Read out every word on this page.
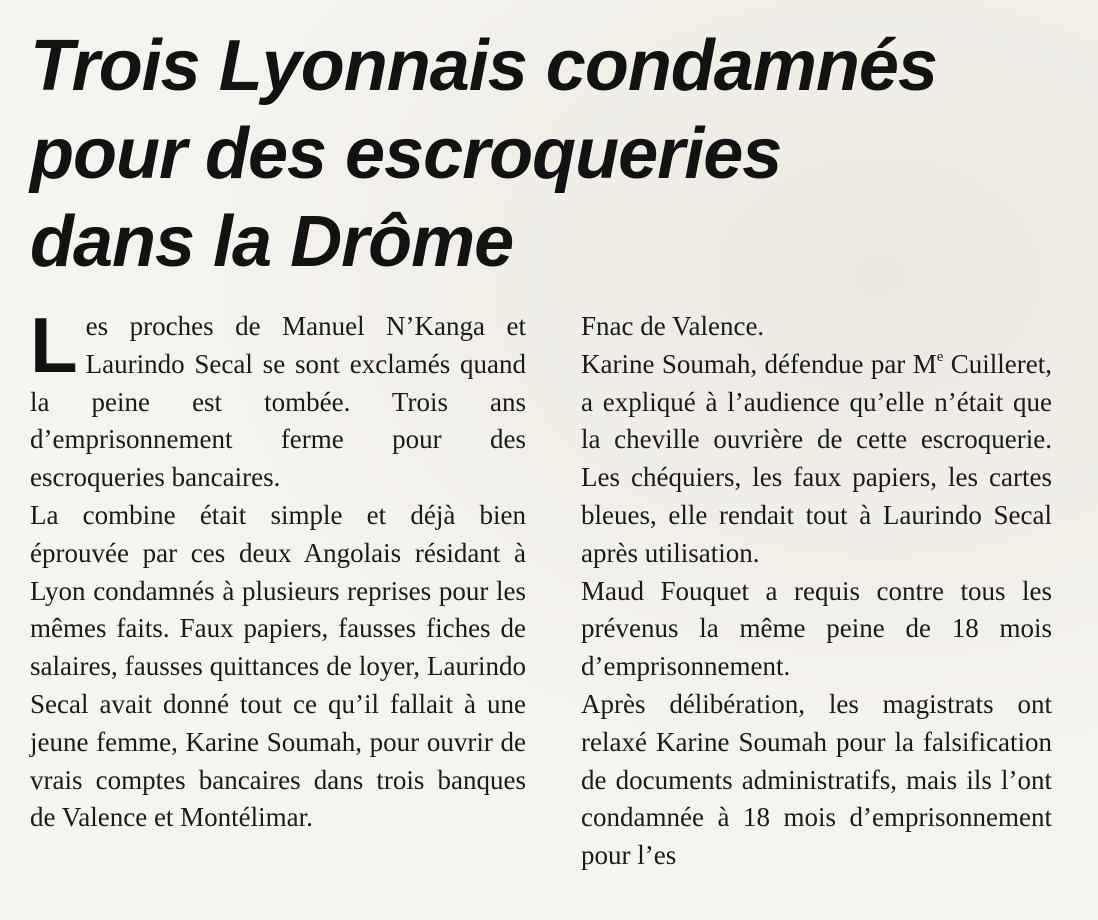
Trois Lyonnais condamnés
pour des escroqueries
dans la Drôme

Les proches de Manuel N’Kanga et Laurindo Secal se sont exclamés quand la peine est tombée. Trois ans d’emprisonnement ferme pour des escroqueries bancaires.

La combine était simple et déjà bien éprouvée par ces deux Angolais résidant à Lyon condamnés à plusieurs reprises pour les mêmes faits. Faux papiers, fausses fiches de salaires, fausses quittances de loyer, Laurindo Secal avait donné tout ce qu’il fallait à une jeune femme, Karine Soumah, pour ouvrir de vrais comptes bancaires dans trois banques de Valence et Montélimar.

Fnac de Valence.

Karine Soumah, défendue par Me Cuilleret, a expliqué à l’audience qu’elle n’était que la cheville ouvrière de cette escroquerie. Les chéquiers, les faux papiers, les cartes bleues, elle rendait tout à Laurindo Secal après utilisation.

Maud Fouquet a requis contre tous les prévenus la même peine de 18 mois d’emprisonnement.

Après délibération, les magistrats ont relaxé Karine Soumah pour la falsification de documents administratifs, mais ils l’ont condamnée à 18 mois d’emprisonnement pour l’es
